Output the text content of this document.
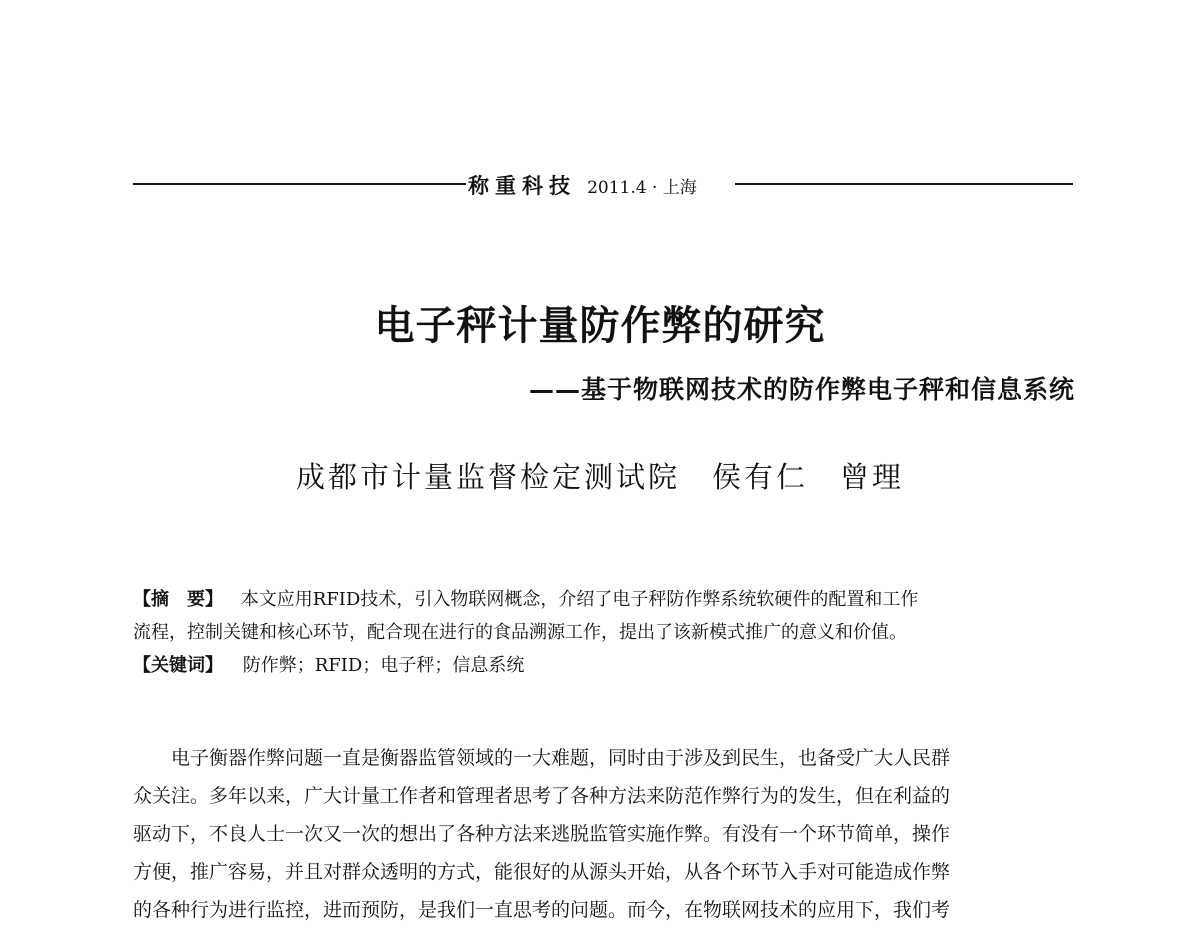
称重科技 2011.4 · 上海
电子秤计量防作弊的研究
——基于物联网技术的防作弊电子秤和信息系统
成都市计量监督检定测试院　侯有仁　曾理
【摘　要】 本文应用RFID技术，引入物联网概念，介绍了电子秤防作弊系统软硬件的配置和工作
流程，控制关键和核心环节，配合现在进行的食品溯源工作，提出了该新模式推广的意义和价值。
【关键词】 防作弊；RFID；电子秤；信息系统
电子衡器作弊问题一直是衡器监管领域的一大难题，同时由于涉及到民生，也备受广大人民群
众关注。多年以来，广大计量工作者和管理者思考了各种方法来防范作弊行为的发生，但在利益的
驱动下，不良人士一次又一次的想出了各种方法来逃脱监管实施作弊。有没有一个环节简单，操作
方便，推广容易，并且对群众透明的方式，能很好的从源头开始，从各个环节入手对可能造成作弊
的各种行为进行监控，进而预防，是我们一直思考的问题。而今，在物联网技术的应用下，我们考
